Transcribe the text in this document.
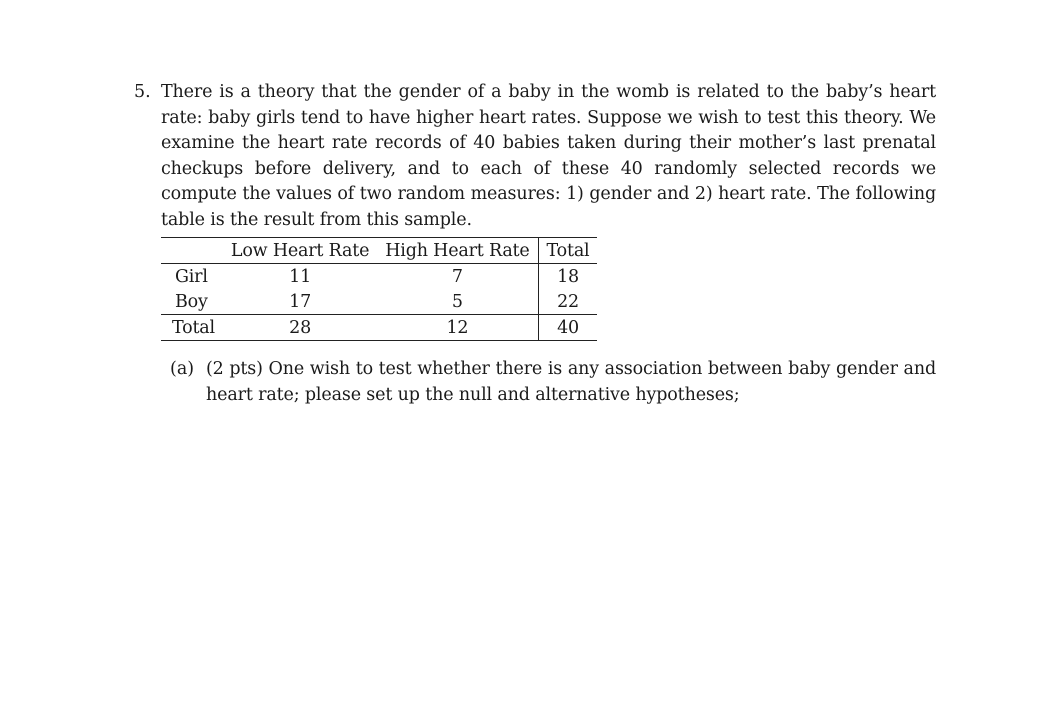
5. There is a theory that the gender of a baby in the womb is related to the baby’s heart rate: baby girls tend to have higher heart rates. Suppose we wish to test this theory. We examine the heart rate records of 40 babies taken during their mother’s last prenatal checkups before delivery, and to each of these 40 randomly selected records we compute the values of two random measures: 1) gender and 2) heart rate. The following table is the result from this sample.
	Low Heart Rate	High Heart Rate	Total
Girl	11	7	18
Boy	17	5	22
Total	28	12	40
(a) (2 pts) One wish to test whether there is any association between baby gender and heart rate; please set up the null and alternative hypotheses;
